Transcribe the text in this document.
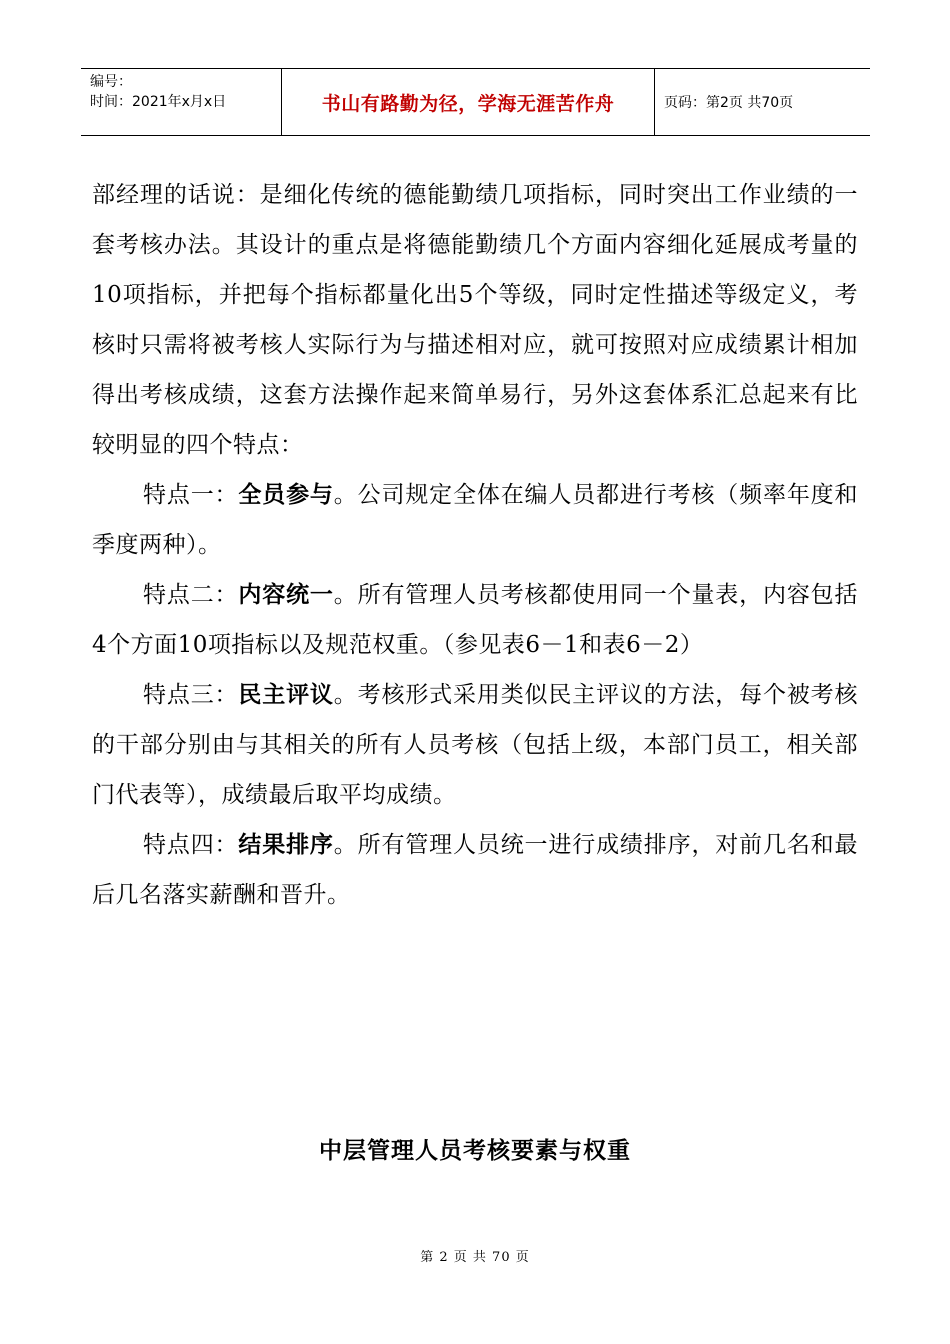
编号：
时间：2021年x月x日	书山有路勤为径，学海无涯苦作舟	页码：第2页 共70页

部经理的话说：是细化传统的德能勤绩几项指标，同时突出工作业绩的一套考核办法。其设计的重点是将德能勤绩几个方面内容细化延展成考量的10项指标，并把每个指标都量化出5个等级，同时定性描述等级定义，考核时只需将被考核人实际行为与描述相对应，就可按照对应成绩累计相加得出考核成绩，这套方法操作起来简单易行，另外这套体系汇总起来有比较明显的四个特点：

特点一：全员参与。公司规定全体在编人员都进行考核（频率年度和季度两种）。

特点二：内容统一。所有管理人员考核都使用同一个量表，内容包括4个方面10项指标以及规范权重。（参见表6－1和表6－2）

特点三：民主评议。考核形式采用类似民主评议的方法，每个被考核的干部分别由与其相关的所有人员考核（包括上级，本部门员工，相关部门代表等），成绩最后取平均成绩。

特点四：结果排序。所有管理人员统一进行成绩排序，对前几名和最后几名落实薪酬和晋升。

中层管理人员考核要素与权重
第 2 页 共 70 页
